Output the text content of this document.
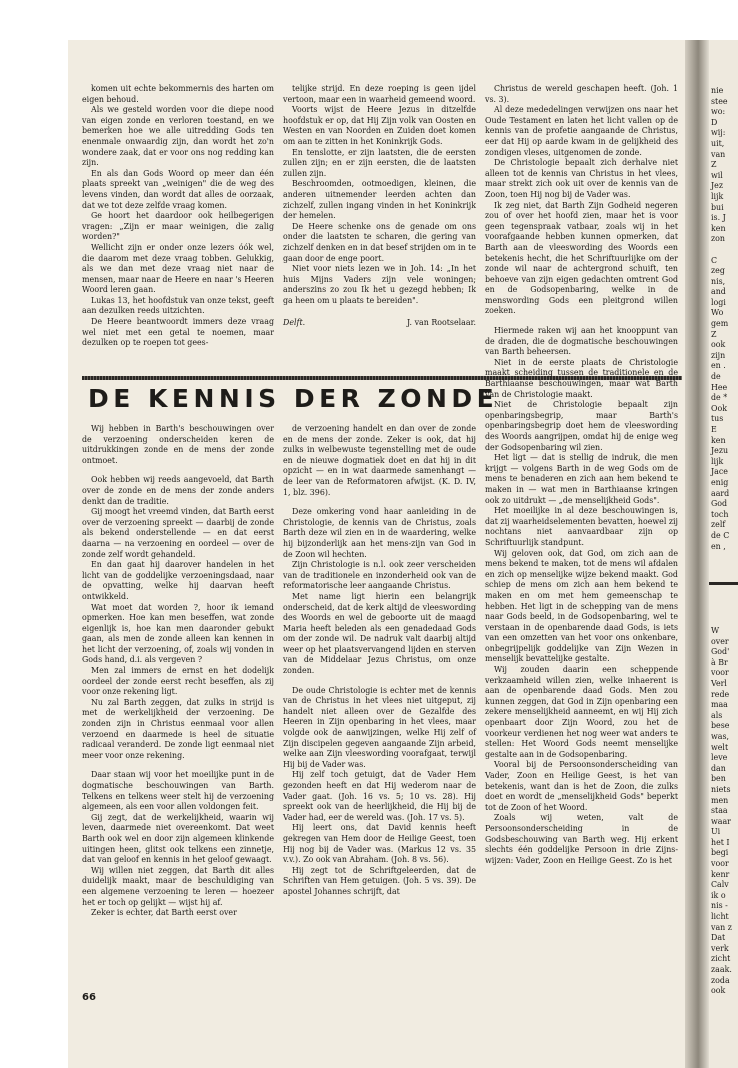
nie
stee
wo:
D
wij:
uit,
van
Z
wil
Jez
lijk
bui
is. J
ken
zon
C
zeg
nis,
and
logi
Wo
gem
Z
ook
zijn
en .
de
Hee
de *
Ook
tus
E
ken
Jezu
lijk
Jace
enig
aard
God
toch
zelf
de C
en ,
W
over
God'
à Br
voor
Verl
rede
maa
als
bese
was,
welt
leve
dan
ben
niets
men
staa
waar
Ui
het I
begi
voor
kenr
Calv
ik o
nis -
licht
van z
Dat
verk
zicht
zaak.
zoda
ook

komen uit echte bekommernis des harten om eigen behoud.

Als we gesteld worden voor die diepe nood van eigen zonde en verloren toestand, en we bemerken hoe we alle uitredding Gods ten enenmale onwaardig zijn, dan wordt het zo'n wondere zaak, dat er voor ons nog redding kan zijn.

En als dan Gods Woord op meer dan één plaats spreekt van „weinigen" die de weg des levens vinden, dan wordt dat alles de oorzaak, dat we tot deze zelfde vraag komen.

Ge hoort het daardoor ook heilbegerigen vragen: „Zijn er maar weinigen, die zalig worden?"

Wellicht zijn er onder onze lezers óók wel, die daarom met deze vraag tobben. Gelukkig, als we dan met deze vraag niet naar de mensen, maar naar de Heere en naar 's Heeren Woord leren gaan.

Lukas 13, het hoofdstuk van onze tekst, geeft aan dezulken reeds uitzichten.

De Heere beantwoordt immers deze vraag wel niet met een getal te noemen, maar dezulken op te roepen tot gees-

telijke strijd. En deze roeping is geen ijdel vertoon, maar een in waarheid gemeend woord.

Voorts wijst de Heere Jezus in ditzelfde hoofdstuk er op, dat Hij Zijn volk van Oosten en Westen en van Noorden en Zuiden doet komen om aan te zitten in het Koninkrijk Gods.

En tenslotte, er zijn laatsten, die de eersten zullen zijn; en er zijn eersten, die de laatsten zullen zijn.

Beschroomden, ootmoedigen, kleinen, die anderen uitnemender leerden achten dan zichzelf, zullen ingang vinden in het Koninkrijk der hemelen.

De Heere schenke ons de genade om ons onder die laatsten te scharen, die gering van zichzelf denken en in dat besef strijden om in te gaan door de enge poort.

Niet voor niets lezen we in Joh. 14: „In het huis Mijns Vaders zijn vele woningen; anderszins zo zou Ik het u gezegd hebben; Ik ga heen om u plaats te bereiden".

Delft.	J. van Rootselaar.
DE KENNIS DER ZONDE

Wij hebben in Barth's beschouwingen over de verzoening onderscheiden keren de uitdrukkingen zonde en de mens der zonde ontmoet.

Ook hebben wij reeds aangevoeld, dat Barth over de zonde en de mens der zonde anders denkt dan de traditie.

Gij moogt het vreemd vinden, dat Barth eerst over de verzoening spreekt — daarbij de zonde als bekend onderstellende — en dat eerst daarna — na verzoening en oordeel — over de zonde zelf wordt gehandeld.

En dan gaat hij daarover handelen in het licht van de goddelijke verzoeningsdaad, naar de opvatting, welke hij daarvan heeft ontwikkeld.

Wat moet dat worden ?, hoor ik iemand opmerken. Hoe kan men beseffen, wat zonde eigenlijk is, hoe kan men daaronder gebukt gaan, als men de zonde alleen kan kennen in het licht der verzoening, of, zoals wij vonden in Gods hand, d.i. als vergeven ?

Men zal immers de ernst en het dodelijk oordeel der zonde eerst recht beseffen, als zij voor onze rekening ligt.

Nu zal Barth zeggen, dat zulks in strijd is met de werkelijkheid der verzoening. De zonden zijn in Christus eenmaal voor allen verzoend en daarmede is heel de situatie radicaal veranderd. De zonde ligt eenmaal niet meer voor onze rekening.

Daar staan wij voor het moeilijke punt in de dogmatische beschouwingen van Barth. Telkens en telkens weer stelt hij de verzoening algemeen, als een voor allen voldongen feit.

Gij zegt, dat de werkelijkheid, waarin wij leven, daarmede niet overeenkomt. Dat weet Barth ook wel en door zijn algemeen klinkende uitingen heen, glitst ook telkens een zinnetje, dat van geloof en kennis in het geloof gewaagt.

Wij willen niet zeggen, dat Barth dit alles duidelijk maakt, maar de beschuldiging van een algemene verzoening te leren — hoezeer het er toch op gelijkt — wijst hij af.

Zeker is echter, dat Barth eerst over

de verzoening handelt en dan over de zonde en de mens der zonde. Zeker is ook, dat hij zulks in welbewuste tegenstelling met de oude en de nieuwe dogmatiek doet en dat hij in dit opzicht — en in wat daarmede samenhangt — de leer van de Reformatoren afwijst. (K. D. IV, 1, blz. 396).

Deze omkering vond haar aanleiding in de Christologie, de kennis van de Christus, zoals Barth deze wil zien en in de waardering, welke hij bijzonderlijk aan het mens-zijn van God in de Zoon wil hechten.

Zijn Christologie is n.l. ook zeer verscheiden van de traditionele en inzonderheid ook van de reformatorische leer aangaande Christus.

Met name ligt hierin een belangrijk onderscheid, dat de kerk altijd de vleeswording des Woords en wel de geboorte uit de maagd Maria heeft beleden als een genadedaad Gods om der zonde wil. De nadruk valt daarbij altijd weer op het plaatsvervangend lijden en sterven van de Middelaar Jezus Christus, om onze zonden.

De oude Christologie is echter met de kennis van de Christus in het vlees niet uitgeput, zij handelt niet alleen over de Gezalfde des Heeren in Zijn openbaring in het vlees, maar volgde ook de aanwijzingen, welke Hij zelf of Zijn discipelen gegeven aangaande Zijn arbeid, welke aan Zijn vleeswording voorafgaat, terwijl Hij bij de Vader was.

Hij zelf toch getuigt, dat de Vader Hem gezonden heeft en dat Hij wederom naar de Vader gaat. (Joh. 16 vs. 5; 10 vs. 28). Hij spreekt ook van de heerlijkheid, die Hij bij de Vader had, eer de wereld was. (Joh. 17 vs. 5).

Hij leert ons, dat David kennis heeft gekregen van Hem door de Heilige Geest, toen Hij nog bij de Vader was. (Markus 12 vs. 35 v.v.). Zo ook van Abraham. (Joh. 8 vs. 56).

Hij zegt tot de Schriftgeleerden, dat de Schriften van Hem getuigen. (Joh. 5 vs. 39). De apostel Johannes schrijft, dat

Christus de wereld geschapen heeft. (Joh. 1 vs. 3).

Al deze mededelingen verwijzen ons naar het Oude Testament en laten het licht vallen op de kennis van de profetie aangaande de Christus, eer dat Hij op aarde kwam in de gelijkheid des zondigen vleses, uitgenomen de zonde.

De Christologie bepaalt zich derhalve niet alleen tot de kennis van Christus in het vlees, maar strekt zich ook uit over de kennis van de Zoon, toen Hij nog bij de Vader was.

Ik zeg niet, dat Barth Zijn Godheid negeren zou of over het hoofd zien, maar het is voor geen tegenspraak vatbaar, zoals wij in het voorafgaande hebben kunnen opmerken, dat Barth aan de vleeswording des Woords een betekenis hecht, die het Schriftuurlijke om der zonde wil naar de achtergrond schuift, ten behoeve van zijn eigen gedachten omtrent God en de Godsopenbaring, welke in de menswording Gods een pleitgrond willen zoeken.

Hiermede raken wij aan het knooppunt van de draden, die de dogmatische beschouwingen van Barth beheersen.

Niet in de eerste plaats de Christologie maakt scheiding tussen de traditionele en de Barthiaanse beschouwingen, maar wat Barth van de Christologie maakt.

Niet de Christologie bepaalt zijn openbaringsbegrip, maar Barth's openbaringsbegrip doet hem de vleeswording des Woords aangrijpen, omdat hij de enige weg der Godsopenbaring wil zien.

Het ligt — dat is stellig de indruk, die men krijgt — volgens Barth in de weg Gods om de mens te benaderen en zich aan hem bekend te maken in — wat men in Barthiaanse kringen ook zo uitdrukt — „de menselijkheid Gods".

Het moeilijke in al deze beschouwingen is, dat zij waarheidselementen bevatten, hoewel zij nochtans niet aanvaardbaar zijn op Schriftuurlijk standpunt.

Wij geloven ook, dat God, om zich aan de mens bekend te maken, tot de mens wil afdalen en zich op menselijke wijze bekend maakt. God schiep de mens om zich aan hem bekend te maken en om met hem gemeenschap te hebben. Het ligt in de schepping van de mens naar Gods beeld, in de Godsopenbaring, wel te verstaan in de openbarende daad Gods, is iets van een omzetten van het voor ons onkenbare, onbegrijpelijk goddelijke van Zijn Wezen in menselijk bevattelijke gestalte.

Wij zouden daarin een scheppende verkzaamheid willen zien, welke inhaerent is aan de openbarende daad Gods. Men zou kunnen zeggen, dat God in Zijn openbaring een zekere menselijkheid aanneemt, en wij Hij zich openbaart door Zijn Woord, zou het de voorkeur verdienen het nog weer wat anders te stellen: Het Woord Gods neemt menselijke gestalte aan in de Godsopenbaring.

Vooral bij de Persoonsonderscheiding van Vader, Zoon en Heilige Geest, is het van betekenis, want dan is het de Zoon, die zulks doet en wordt de „menselijkheid Gods" beperkt tot de Zoon of het Woord.

Zoals wij weten, valt de Persoonsonderscheiding in de Godsbeschouwing van Barth weg. Hij erkent slechts één goddelijke Persoon in drie Zijns-wijzen: Vader, Zoon en Heilige Geest. Zo is het

66
